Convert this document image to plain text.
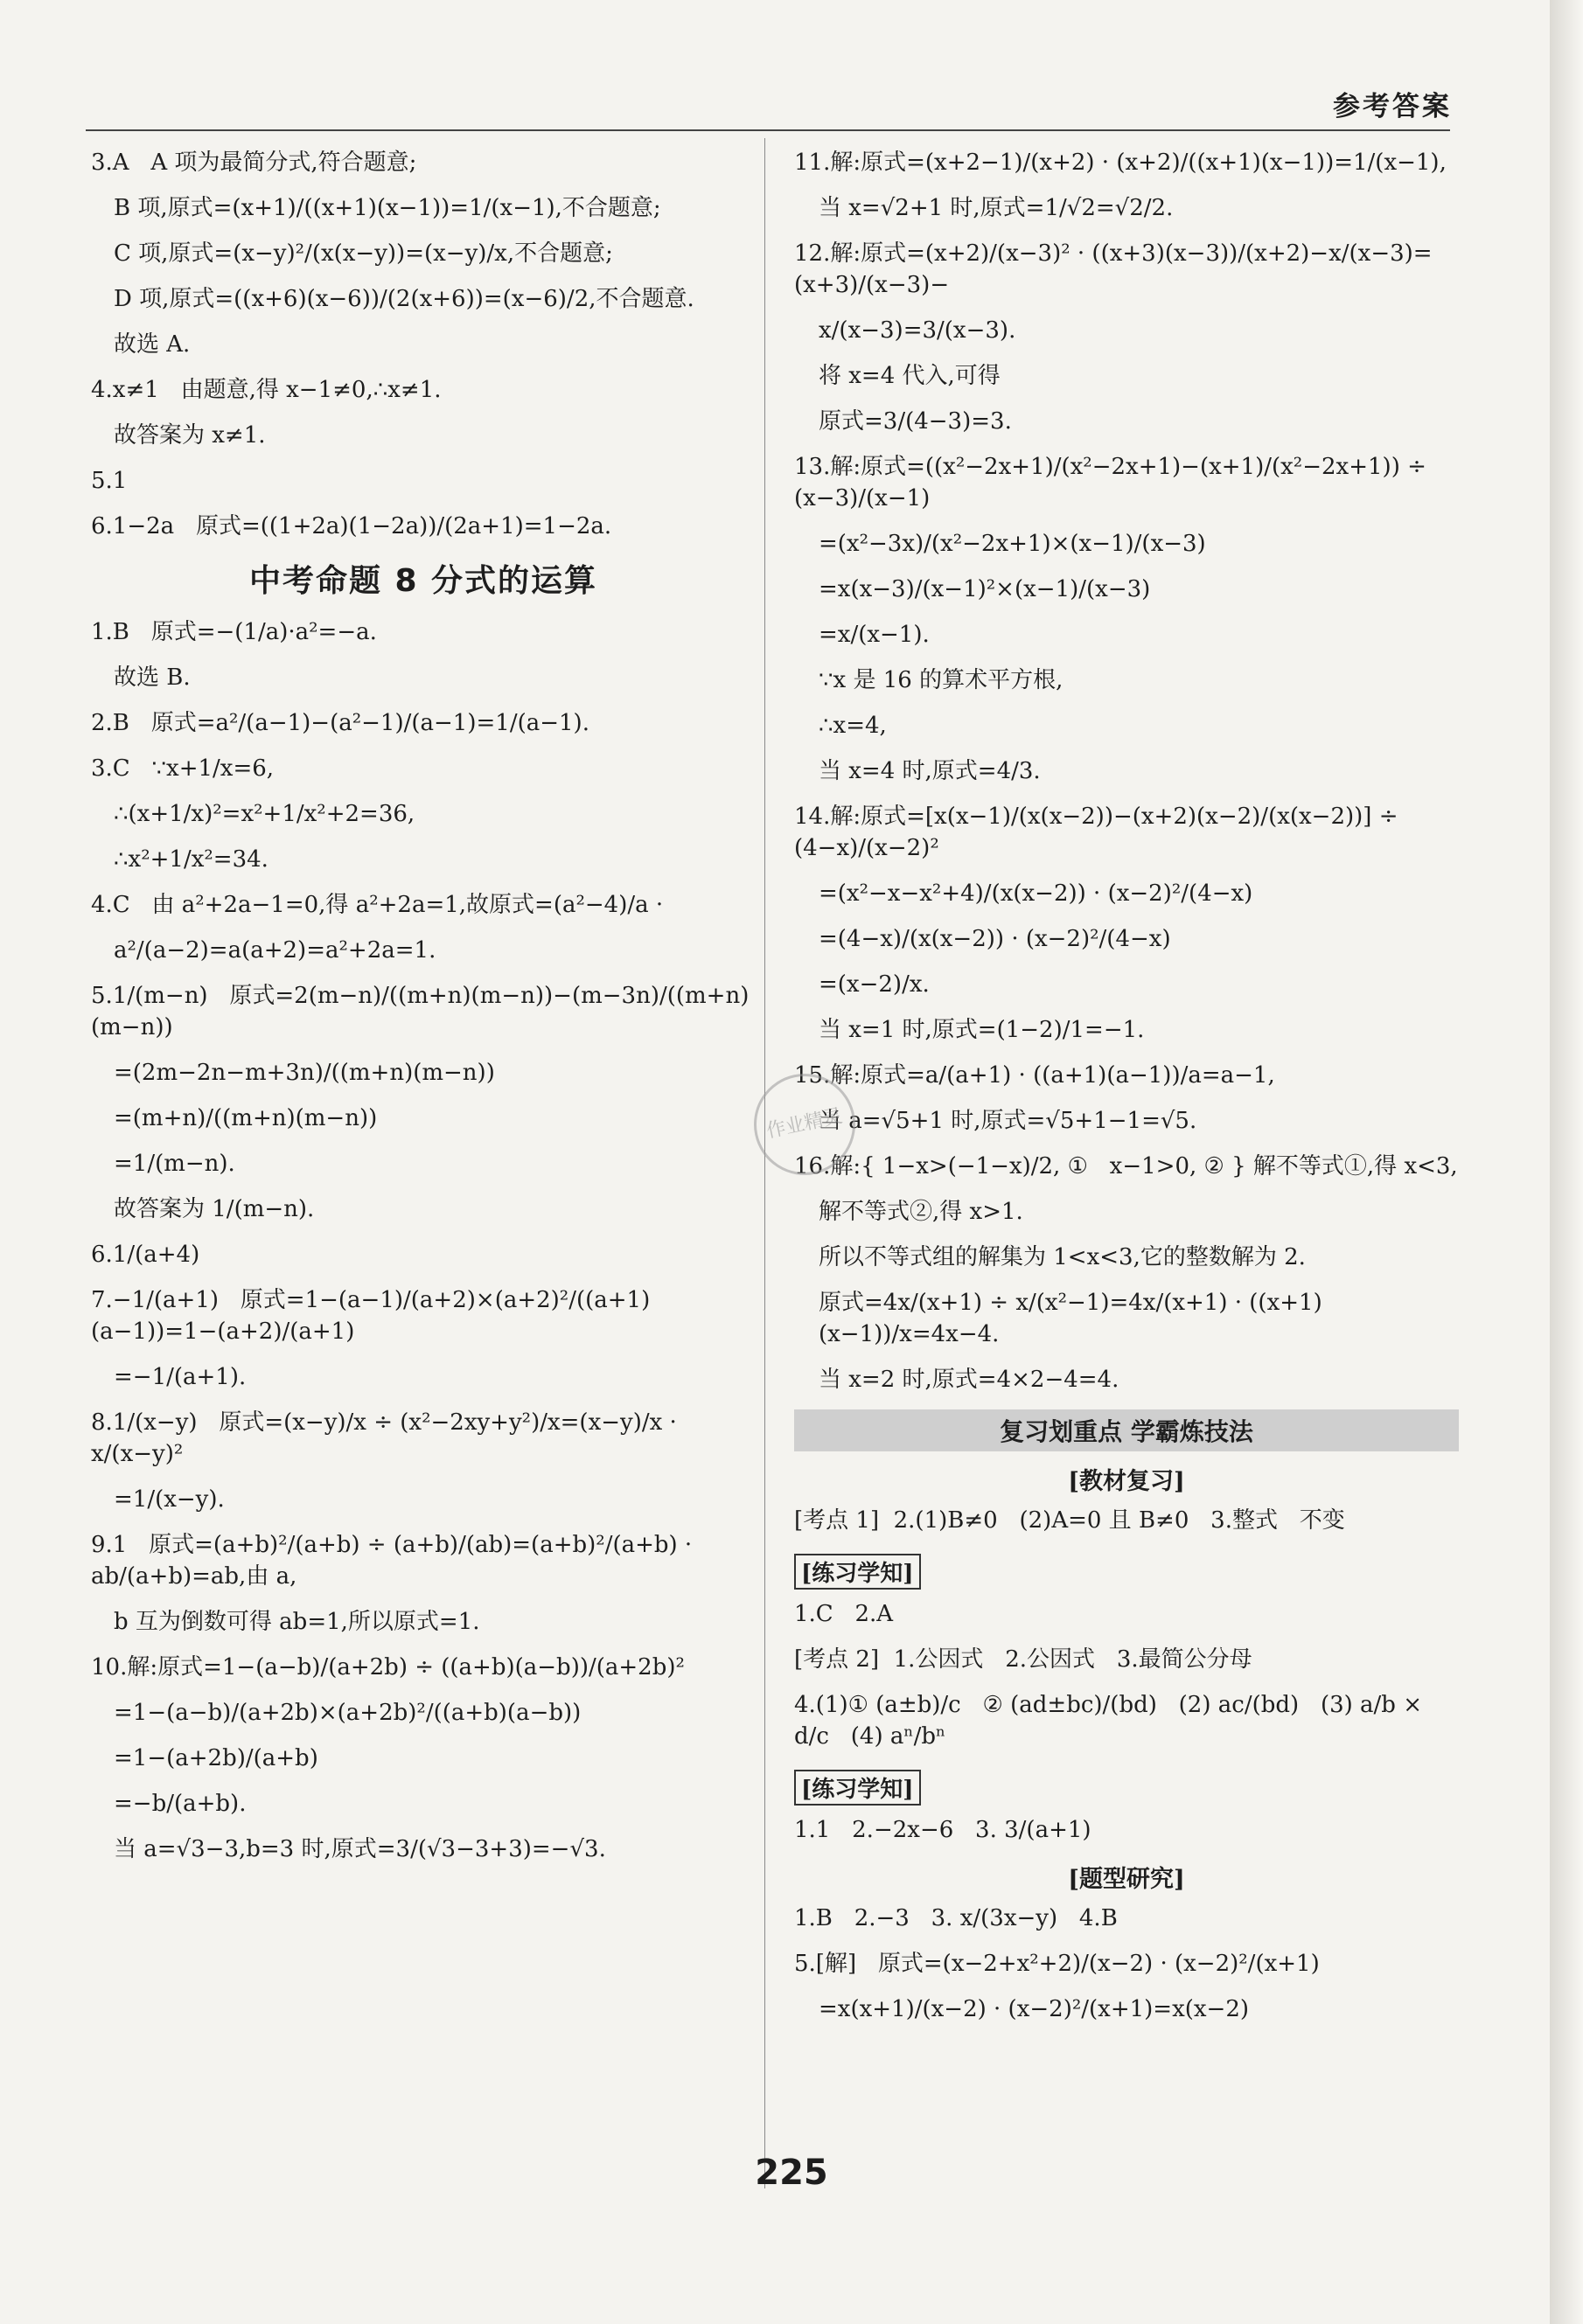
参考答案
3.A   A 项为最简分式,符合题意;
B 项,原式=(x+1)/((x+1)(x−1))=1/(x−1),不合题意;
C 项,原式=(x−y)²/(x(x−y))=(x−y)/x,不合题意;
D 项,原式=((x+6)(x−6))/(2(x+6))=(x−6)/2,不合题意.
故选 A.
4.x≠1   由题意,得 x−1≠0,∴x≠1.
故答案为 x≠1.
5.1
6.1−2a   原式=((1+2a)(1−2a))/(2a+1)=1−2a.
中考命题 8 分式的运算
1.B   原式=−(1/a)·a²=−a.
故选 B.
2.B   原式=a²/(a−1)−(a²−1)/(a−1)=1/(a−1).
3.C   ∵x+1/x=6,
∴(x+1/x)²=x²+1/x²+2=36,
∴x²+1/x²=34.
4.C   由 a²+2a−1=0,得 a²+2a=1,故原式=(a²−4)/a ·
a²/(a−2)=a(a+2)=a²+2a=1.
5.1/(m−n)   原式=2(m−n)/((m+n)(m−n))−(m−3n)/((m+n)(m−n))
=(2m−2n−m+3n)/((m+n)(m−n))
=(m+n)/((m+n)(m−n))
=1/(m−n).
故答案为 1/(m−n).
6.1/(a+4)
7.−1/(a+1)   原式=1−(a−1)/(a+2)×(a+2)²/((a+1)(a−1))=1−(a+2)/(a+1)
=−1/(a+1).
8.1/(x−y)   原式=(x−y)/x ÷ (x²−2xy+y²)/x=(x−y)/x · x/(x−y)²
=1/(x−y).
9.1   原式=(a+b)²/(a+b) ÷ (a+b)/(ab)=(a+b)²/(a+b) · ab/(a+b)=ab,由 a,
b 互为倒数可得 ab=1,所以原式=1.
10.解:原式=1−(a−b)/(a+2b) ÷ ((a+b)(a−b))/(a+2b)²
=1−(a−b)/(a+2b)×(a+2b)²/((a+b)(a−b))
=1−(a+2b)/(a+b)
=−b/(a+b).
当 a=√3−3,b=3 时,原式=3/(√3−3+3)=−√3.
11.解:原式=(x+2−1)/(x+2) · (x+2)/((x+1)(x−1))=1/(x−1),
当 x=√2+1 时,原式=1/√2=√2/2.
12.解:原式=(x+2)/(x−3)² · ((x+3)(x−3))/(x+2)−x/(x−3)=(x+3)/(x−3)−
x/(x−3)=3/(x−3).
将 x=4 代入,可得
原式=3/(4−3)=3.
13.解:原式=((x²−2x+1)/(x²−2x+1)−(x+1)/(x²−2x+1)) ÷ (x−3)/(x−1)
=(x²−3x)/(x²−2x+1)×(x−1)/(x−3)
=x(x−3)/(x−1)²×(x−1)/(x−3)
=x/(x−1).
∵x 是 16 的算术平方根,
∴x=4,
当 x=4 时,原式=4/3.
14.解:原式=[x(x−1)/(x(x−2))−(x+2)(x−2)/(x(x−2))] ÷ (4−x)/(x−2)²
=(x²−x−x²+4)/(x(x−2)) · (x−2)²/(4−x)
=(4−x)/(x(x−2)) · (x−2)²/(4−x)
=(x−2)/x.
当 x=1 时,原式=(1−2)/1=−1.
15.解:原式=a/(a+1) · ((a+1)(a−1))/a=a−1,
当 a=√5+1 时,原式=√5+1−1=√5.
16.解:{ 1−x>(−1−x)/2, ①   x−1>0, ② } 解不等式①,得 x<3,
解不等式②,得 x>1.
所以不等式组的解集为 1<x<3,它的整数解为 2.
原式=4x/(x+1) ÷ x/(x²−1)=4x/(x+1) · ((x+1)(x−1))/x=4x−4.
当 x=2 时,原式=4×2−4=4.
复习划重点 学霸炼技法
[教材复习]
[考点 1]  2.(1)B≠0   (2)A=0 且 B≠0   3.整式   不变
[练习学知]
1.C   2.A
[考点 2]  1.公因式   2.公因式   3.最简公分母
4.(1)① (a±b)/c   ② (ad±bc)/(bd)   (2) ac/(bd)   (3) a/b × d/c   (4) aⁿ/bⁿ
[练习学知]
1.1   2.−2x−6   3. 3/(a+1)
[题型研究]
1.B   2.−3   3. x/(3x−y)   4.B
5.[解]   原式=(x−2+x²+2)/(x−2) · (x−2)²/(x+1)
=x(x+1)/(x−2) · (x−2)²/(x+1)=x(x−2)
作业精灵
225
